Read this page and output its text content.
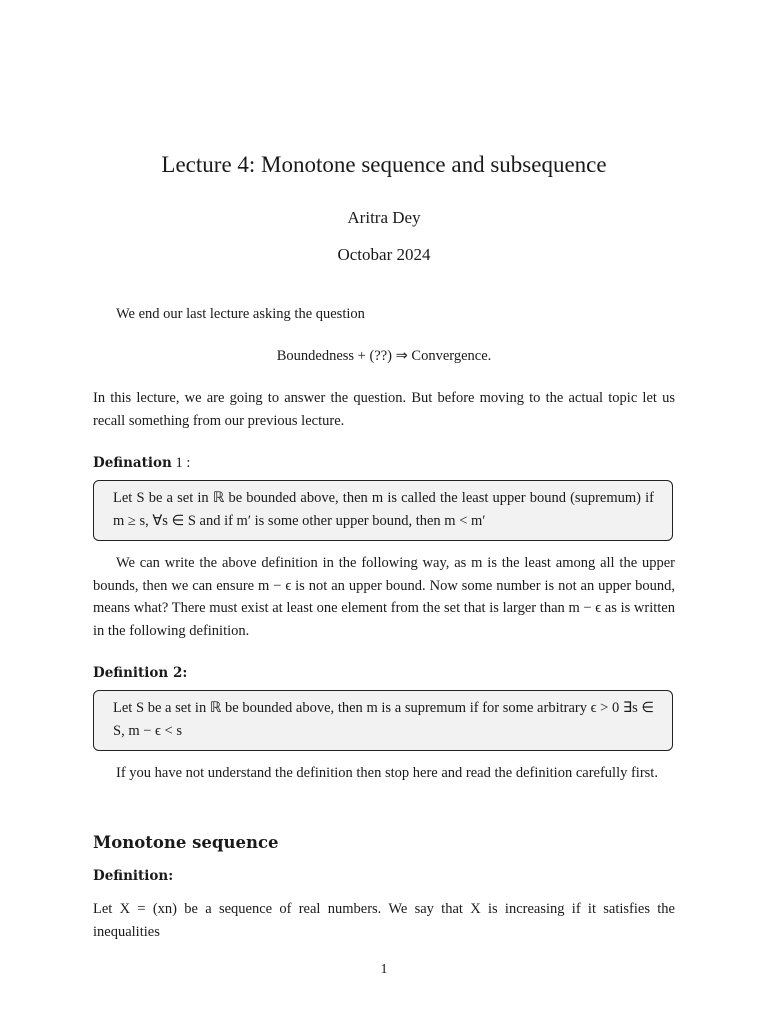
Lecture 4: Monotone sequence and subsequence
Aritra Dey
Octobar 2024
We end our last lecture asking the question
Boundedness + (??) ⇒ Convergence.
In this lecture, we are going to answer the question. But before moving to the actual topic let us recall something from our previous lecture.
Defination 1 :
Let S be a set in ℝ be bounded above, then m is called the least upper bound (supremum) if m ≥ s, ∀s ∈ S and if m′ is some other upper bound, then m < m′
We can write the above definition in the following way, as m is the least among all the upper bounds, then we can ensure m − ϵ is not an upper bound. Now some number is not an upper bound, means what? There must exist at least one element from the set that is larger than m − ϵ as is written in the following definition.
Definition 2:
Let S be a set in ℝ be bounded above, then m is a supremum if for some arbitrary ϵ > 0 ∃s ∈ S, m − ϵ < s
If you have not understand the definition then stop here and read the definition carefully first.
Monotone sequence
Definition:
Let X = (xn) be a sequence of real numbers. We say that X is increasing if it satisfies the inequalities
1
